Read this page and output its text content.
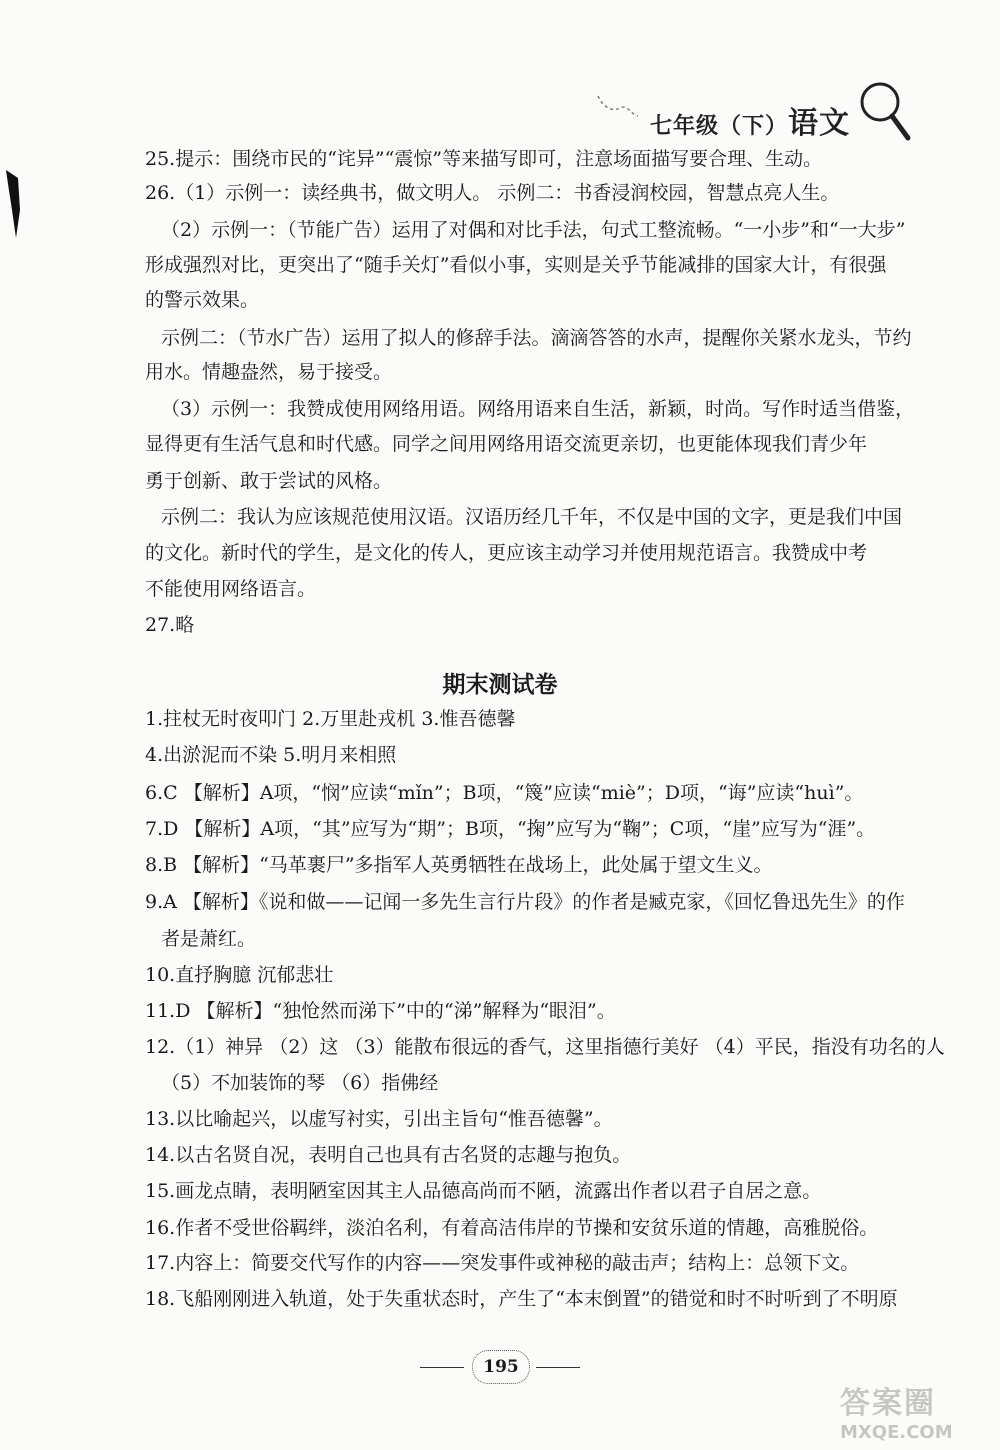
七年级（下）语文
25.提示：围绕市民的“诧异”“震惊”等来描写即可，注意场面描写要合理、生动。
26.（1）示例一：读经典书，做文明人。 示例二：书香浸润校园，智慧点亮人生。
（2）示例一：（节能广告）运用了对偶和对比手法，句式工整流畅。“一小步”和“一大步”
形成强烈对比，更突出了“随手关灯”看似小事，实则是关乎节能减排的国家大计，有很强
的警示效果。
示例二：（节水广告）运用了拟人的修辞手法。滴滴答答的水声，提醒你关紧水龙头，节约
用水。情趣盎然，易于接受。
（3）示例一：我赞成使用网络用语。网络用语来自生活，新颖，时尚。写作时适当借鉴，
显得更有生活气息和时代感。同学之间用网络用语交流更亲切，也更能体现我们青少年
勇于创新、敢于尝试的风格。
示例二：我认为应该规范使用汉语。汉语历经几千年，不仅是中国的文字，更是我们中国
的文化。新时代的学生，是文化的传人，更应该主动学习并使用规范语言。我赞成中考
不能使用网络语言。
27.略
期末测试卷
1.拄杖无时夜叩门 2.万里赴戎机 3.惟吾德馨
4.出淤泥而不染 5.明月来相照
6.C 【解析】A项，“悯”应读“mǐn”；B项，“篾”应读“miè”；D项，“诲”应读“huì”。
7.D 【解析】A项，“其”应写为“期”；B项，“掬”应写为“鞠”；C项，“崖”应写为“涯”。
8.B 【解析】“马革裹尸”多指军人英勇牺牲在战场上，此处属于望文生义。
9.A 【解析】《说和做——记闻一多先生言行片段》的作者是臧克家，《回忆鲁迅先生》的作
者是萧红。
10.直抒胸臆 沉郁悲壮
11.D 【解析】“独怆然而涕下”中的“涕”解释为“眼泪”。
12.（1）神异 （2）这 （3）能散布很远的香气，这里指德行美好 （4）平民，指没有功名的人
（5）不加装饰的琴 （6）指佛经
13.以比喻起兴，以虚写衬实，引出主旨句“惟吾德馨”。
14.以古名贤自况，表明自己也具有古名贤的志趣与抱负。
15.画龙点睛，表明陋室因其主人品德高尚而不陋，流露出作者以君子自居之意。
16.作者不受世俗羁绊，淡泊名利，有着高洁伟岸的节操和安贫乐道的情趣，高雅脱俗。
17.内容上：简要交代写作的内容——突发事件或神秘的敲击声；结构上：总领下文。
18.飞船刚刚进入轨道，处于失重状态时，产生了“本末倒置”的错觉和时不时听到了不明原
195
答案圈
MXQE.COM
